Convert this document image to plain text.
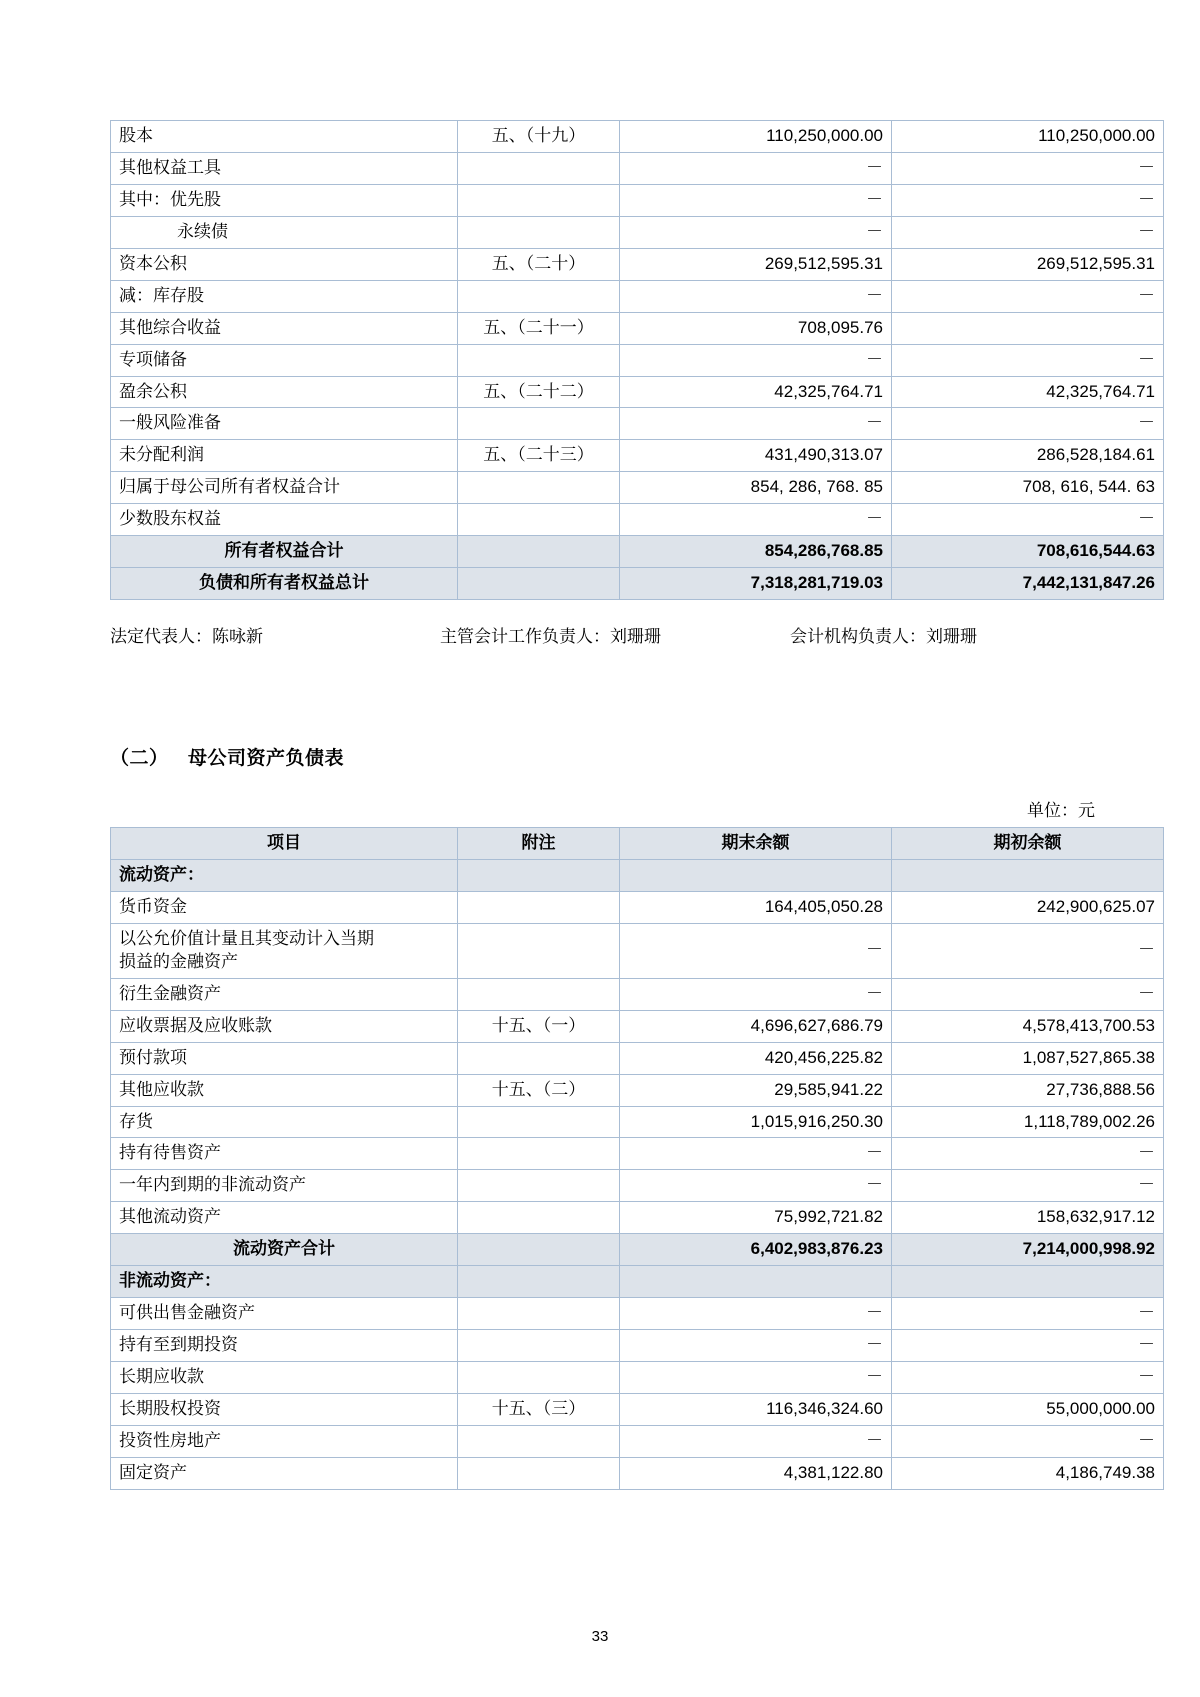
股本	五、（十九）	110,250,000.00	110,250,000.00
其他权益工具		－	－
其中：优先股		－	－
永续债		－	－
资本公积	五、（二十）	269,512,595.31	269,512,595.31
减：库存股		－	－
其他综合收益	五、（二十一）	708,095.76	
专项储备		－	－
盈余公积	五、（二十二）	42,325,764.71	42,325,764.71
一般风险准备		－	－
未分配利润	五、（二十三）	431,490,313.07	286,528,184.61
归属于母公司所有者权益合计		854, 286, 768. 85	708, 616, 544. 63
少数股东权益		－	－
所有者权益合计		854,286,768.85	708,616,544.63
负债和所有者权益总计		7,318,281,719.03	7,442,131,847.26
法定代表人：陈咏新	主管会计工作负责人：刘珊珊	会计机构负责人：刘珊珊
（二） 母公司资产负债表
单位：元
项目	附注	期末余额	期初余额
流动资产：			
货币资金		164,405,050.28	242,900,625.07
以公允价值计量且其变动计入当期
损益的金融资产		－	－
衍生金融资产		－	－
应收票据及应收账款	十五、（一）	4,696,627,686.79	4,578,413,700.53
预付款项		420,456,225.82	1,087,527,865.38
其他应收款	十五、（二）	29,585,941.22	27,736,888.56
存货		1,015,916,250.30	1,118,789,002.26
持有待售资产		－	－
一年内到期的非流动资产		－	－
其他流动资产		75,992,721.82	158,632,917.12
流动资产合计		6,402,983,876.23	7,214,000,998.92
非流动资产：			
可供出售金融资产		－	－
持有至到期投资		－	－
长期应收款		－	－
长期股权投资	十五、（三）	116,346,324.60	55,000,000.00
投资性房地产		－	－
固定资产		4,381,122.80	4,186,749.38
33
